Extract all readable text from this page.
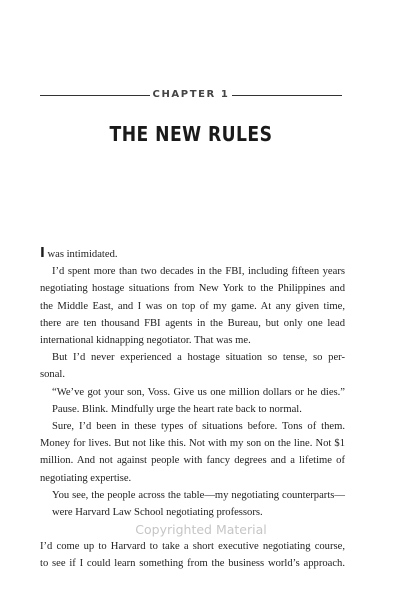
CHAPTER 1
THE NEW RULES
I was intimidated.
I’d spent more than two decades in the FBI, including fifteen years
negotiating hostage situations from New York to the Philippines and
the Middle East, and I was on top of my game. At any given time,
there are ten thousand FBI agents in the Bureau, but only one lead
international kidnapping negotiator. That was me.
But I’d never experienced a hostage situation so tense, so per-
sonal.
“We’ve got your son, Voss. Give us one million dollars or he dies.”
Pause. Blink. Mindfully urge the heart rate back to normal.
Sure, I’d been in these types of situations before. Tons of them.
Money for lives. But not like this. Not with my son on the line. Not $1
million. And not against people with fancy degrees and a lifetime of
negotiating expertise.
You see, the people across the table—my negotiating counterparts—
were Harvard Law School negotiating professors.
I’d come up to Harvard to take a short executive negotiating course,
to see if I could learn something from the business world’s approach.
Copyrighted Material
